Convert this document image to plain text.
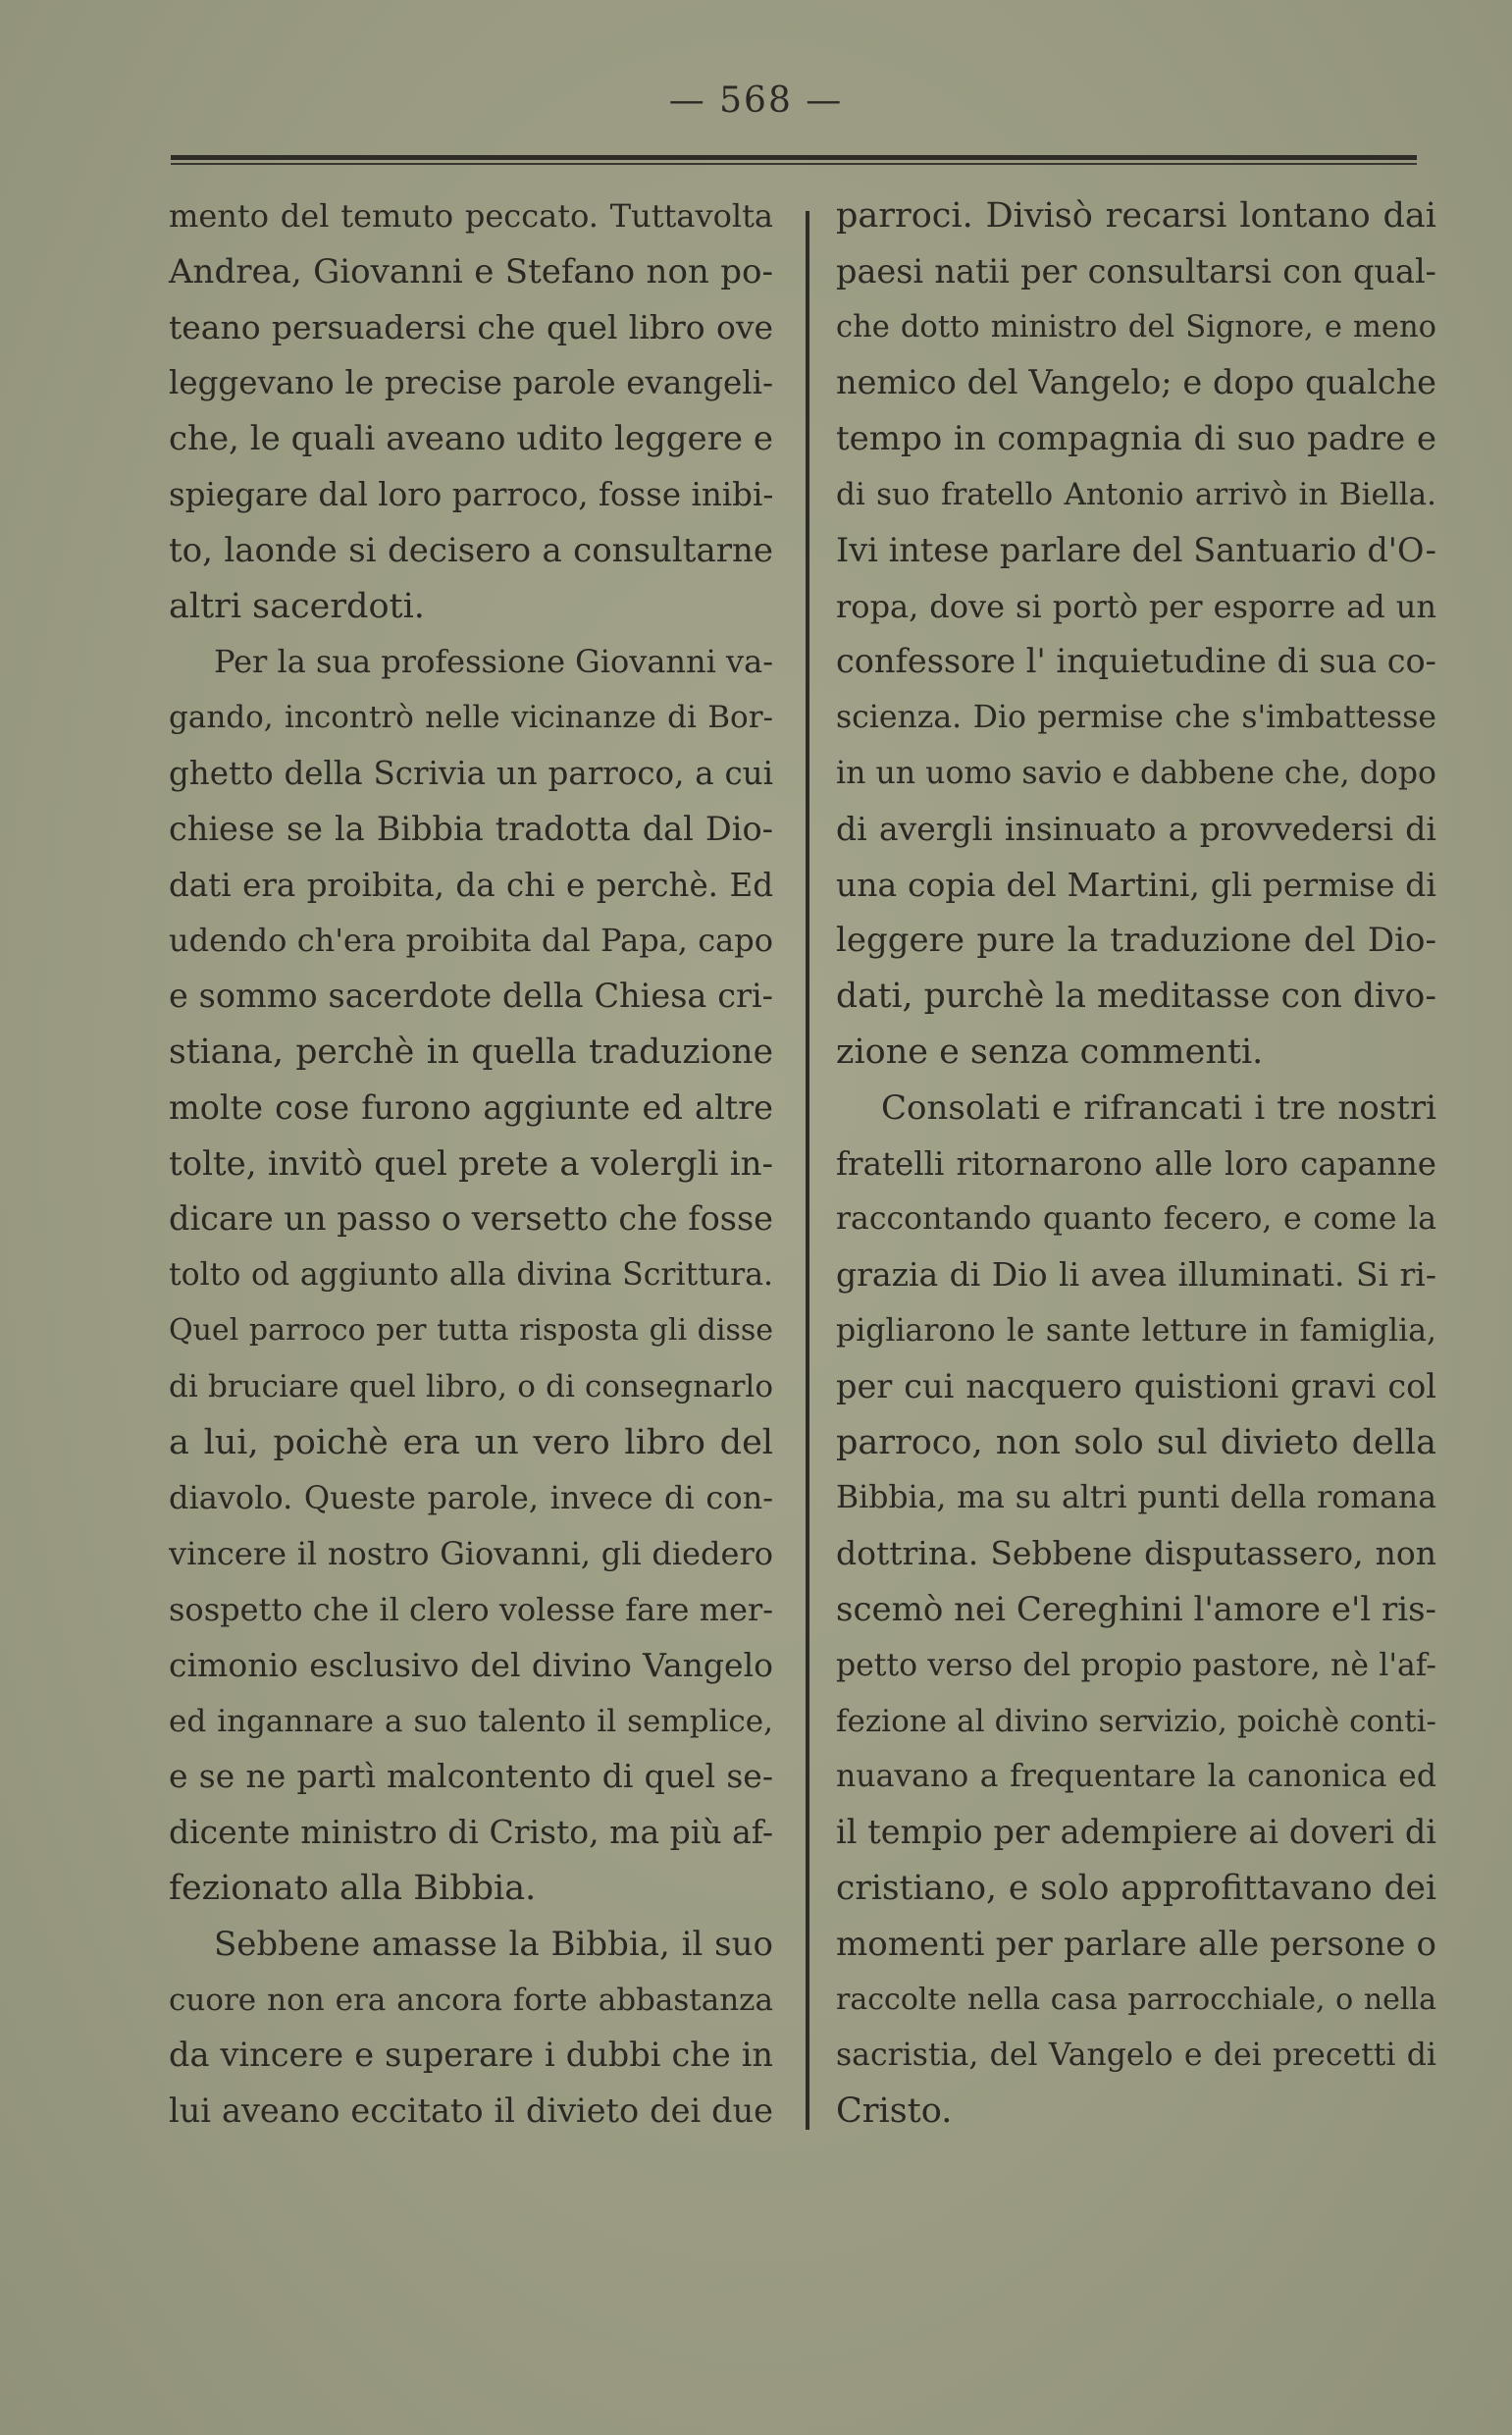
— 568 —
mento del temuto peccato. Tuttavolta
Andrea, Giovanni e Stefano non po-
teano persuadersi che quel libro ove
leggevano le precise parole evangeli-
che, le quali aveano udito leggere e
spiegare dal loro parroco, fosse inibi-
to, laonde si decisero a consultarne
altri sacerdoti.
Per la sua professione Giovanni va-
gando, incontrò nelle vicinanze di Bor-
ghetto della Scrivia un parroco, a cui
chiese se la Bibbia tradotta dal Dio-
dati era proibita, da chi e perchè. Ed
udendo ch'era proibita dal Papa, capo
e sommo sacerdote della Chiesa cri-
stiana, perchè in quella traduzione
molte cose furono aggiunte ed altre
tolte, invitò quel prete a volergli in-
dicare un passo o versetto che fosse
tolto od aggiunto alla divina Scrittura.
Quel parroco per tutta risposta gli disse
di bruciare quel libro, o di consegnarlo
a lui, poichè era un vero libro del
diavolo. Queste parole, invece di con-
vincere il nostro Giovanni, gli diedero
sospetto che il clero volesse fare mer-
cimonio esclusivo del divino Vangelo
ed ingannare a suo talento il semplice,
e se ne partì malcontento di quel se-
dicente ministro di Cristo, ma più af-
fezionato alla Bibbia.
Sebbene amasse la Bibbia, il suo
cuore non era ancora forte abbastanza
da vincere e superare i dubbi che in
lui aveano eccitato il divieto dei due
parroci. Divisò recarsi lontano dai
paesi natii per consultarsi con qual-
che dotto ministro del Signore, e meno
nemico del Vangelo; e dopo qualche
tempo in compagnia di suo padre e
di suo fratello Antonio arrivò in Biella.
Ivi intese parlare del Santuario d'O-
ropa, dove si portò per esporre ad un
confessore l' inquietudine di sua co-
scienza. Dio permise che s'imbattesse
in un uomo savio e dabbene che, dopo
di avergli insinuato a provvedersi di
una copia del Martini, gli permise di
leggere pure la traduzione del Dio-
dati, purchè la meditasse con divo-
zione e senza commenti.
Consolati e rifrancati i tre nostri
fratelli ritornarono alle loro capanne
raccontando quanto fecero, e come la
grazia di Dio li avea illuminati. Si ri-
pigliarono le sante letture in famiglia,
per cui nacquero quistioni gravi col
parroco, non solo sul divieto della
Bibbia, ma su altri punti della romana
dottrina. Sebbene disputassero, non
scemò nei Cereghini l'amore e'l ris-
petto verso del propio pastore, nè l'af-
fezione al divino servizio, poichè conti-
nuavano a frequentare la canonica ed
il tempio per adempiere ai doveri di
cristiano, e solo approfittavano dei
momenti per parlare alle persone o
raccolte nella casa parrocchiale, o nella
sacristia, del Vangelo e dei precetti di
Cristo.
